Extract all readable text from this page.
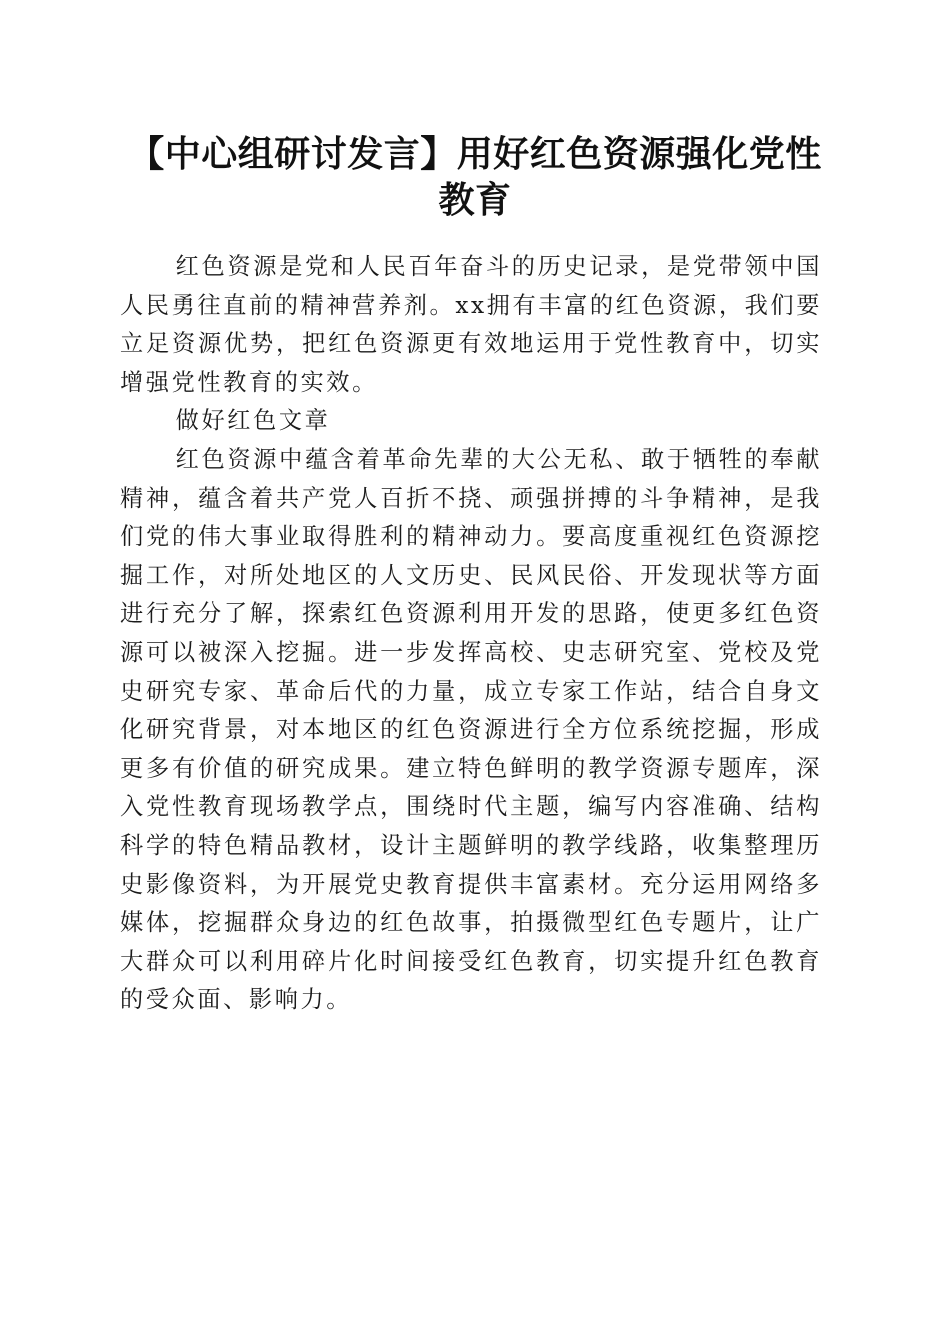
【中心组研讨发言】用好红色资源强化党性教育

红色资源是党和人民百年奋斗的历史记录，是党带领中国人民勇往直前的精神营养剂。xx拥有丰富的红色资源，我们要立足资源优势，把红色资源更有效地运用于党性教育中，切实增强党性教育的实效。

做好红色文章

红色资源中蕴含着革命先辈的大公无私、敢于牺牲的奉献精神，蕴含着共产党人百折不挠、顽强拼搏的斗争精神，是我们党的伟大事业取得胜利的精神动力。要高度重视红色资源挖掘工作，对所处地区的人文历史、民风民俗、开发现状等方面进行充分了解，探索红色资源利用开发的思路，使更多红色资源可以被深入挖掘。进一步发挥高校、史志研究室、党校及党史研究专家、革命后代的力量，成立专家工作站，结合自身文化研究背景，对本地区的红色资源进行全方位系统挖掘，形成更多有价值的研究成果。建立特色鲜明的教学资源专题库，深入党性教育现场教学点，围绕时代主题，编写内容准确、结构科学的特色精品教材，设计主题鲜明的教学线路，收集整理历史影像资料，为开展党史教育提供丰富素材。充分运用网络多媒体，挖掘群众身边的红色故事，拍摄微型红色专题片，让广大群众可以利用碎片化时间接受红色教育，切实提升红色教育的受众面、影响力。
